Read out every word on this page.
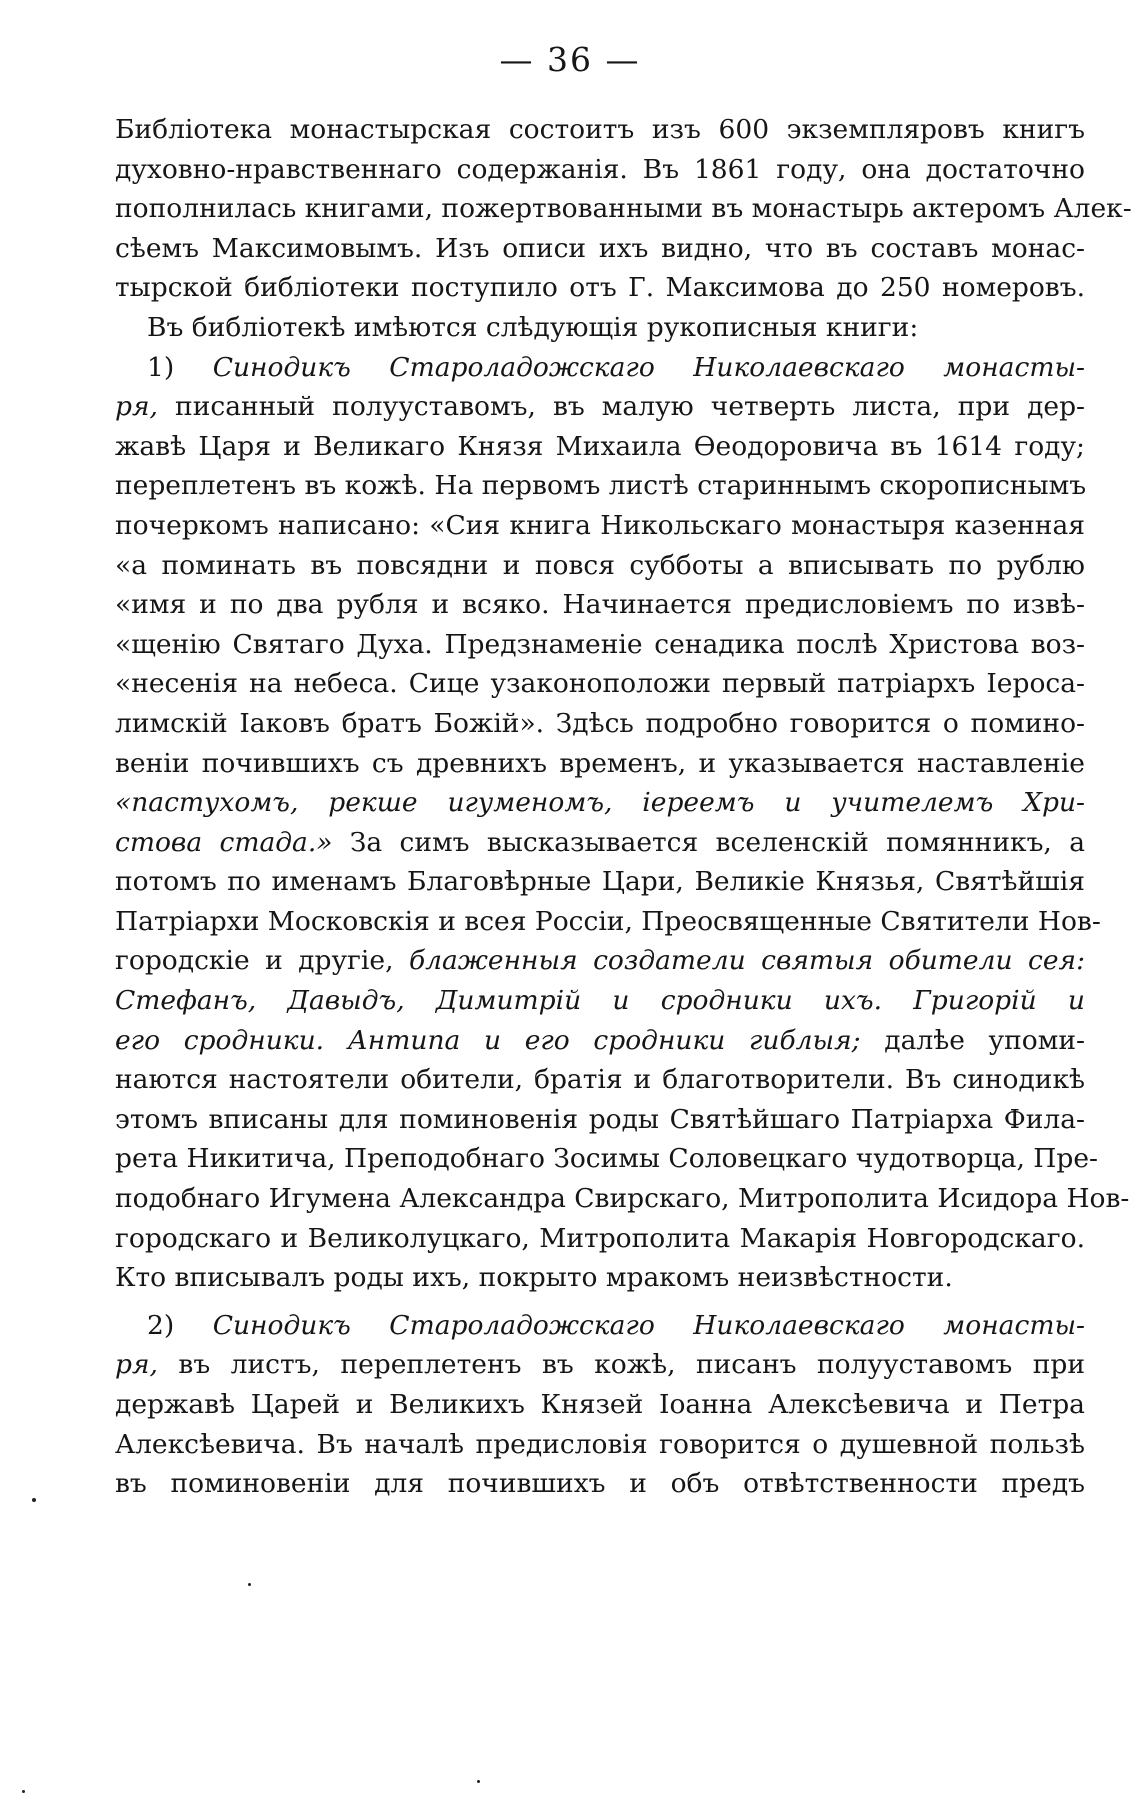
— 36 —
Библіотека монастырская состоитъ изъ 600 экземпляровъ книгъ
духовно-нравственнаго содержанія. Въ 1861 году, она достаточно
пополнилась книгами, пожертвованными въ монастырь актеромъ Алек-
сѣемъ Максимовымъ. Изъ описи ихъ видно, что въ составъ монас-
тырской библіотеки поступило отъ Г. Максимова до 250 номеровъ.
Въ библіотекѣ имѣются слѣдующія рукописныя книги:
1) Синодикъ Староладожскаго Николаевскаго монасты-
ря, писанный полууставомъ, въ малую четверть листа, при дер-
жавѣ Царя и Великаго Князя Михаила Ѳеодоровича въ 1614 году;
переплетенъ въ кожѣ. На первомъ листѣ стариннымъ скорописнымъ
почеркомъ написано: «Сия книга Никольскаго монастыря казенная
«а поминать въ повсядни и повся субботы а вписывать по рублю
«имя и по два рубля и всяко. Начинается предисловіемъ по извѣ-
«щенію Святаго Духа. Предзнаменіе сенадика послѣ Христова воз-
«несенія на небеса. Сице узаконоположи первый патріархъ Іероса-
лимскій Іаковъ братъ Божій». Здѣсь подробно говорится о помино-
веніи почившихъ съ древнихъ временъ, и указывается наставленіе
«пастухомъ, рекше игуменомъ, іереемъ и учителемъ Хри-
стова стада.» За симъ высказывается вселенскій помянникъ, а
потомъ по именамъ Благовѣрные Цари, Великіе Князья, Святѣйшія
Патріархи Московскія и всея Россіи, Преосвященные Святители Нов-
городскіе и другіе, блаженныя создатели святыя обители сея:
Стефанъ, Давыдъ, Димитрій и сродники ихъ. Григорій и
его сродники. Антипа и его сродники гиблыя; далѣе упоми-
наются настоятели обители, братія и благотворители. Въ синодикѣ
этомъ вписаны для поминовенія роды Святѣйшаго Патріарха Фила-
рета Никитича, Преподобнаго Зосимы Соловецкаго чудотворца, Пре-
подобнаго Игумена Александра Свирскаго, Митрополита Исидора Нов-
городскаго и Великолуцкаго, Митрополита Макарія Новгородскаго.
Кто вписывалъ роды ихъ, покрыто мракомъ неизвѣстности.
2) Синодикъ Староладожскаго Николаевскаго монасты-
ря, въ листъ, переплетенъ въ кожѣ, писанъ полууставомъ при
державѣ Царей и Великихъ Князей Іоанна Алексѣевича и Петра
Алексѣевича. Въ началѣ предисловія говорится о душевной пользѣ
въ поминовеніи для почившихъ и объ отвѣтственности предъ
